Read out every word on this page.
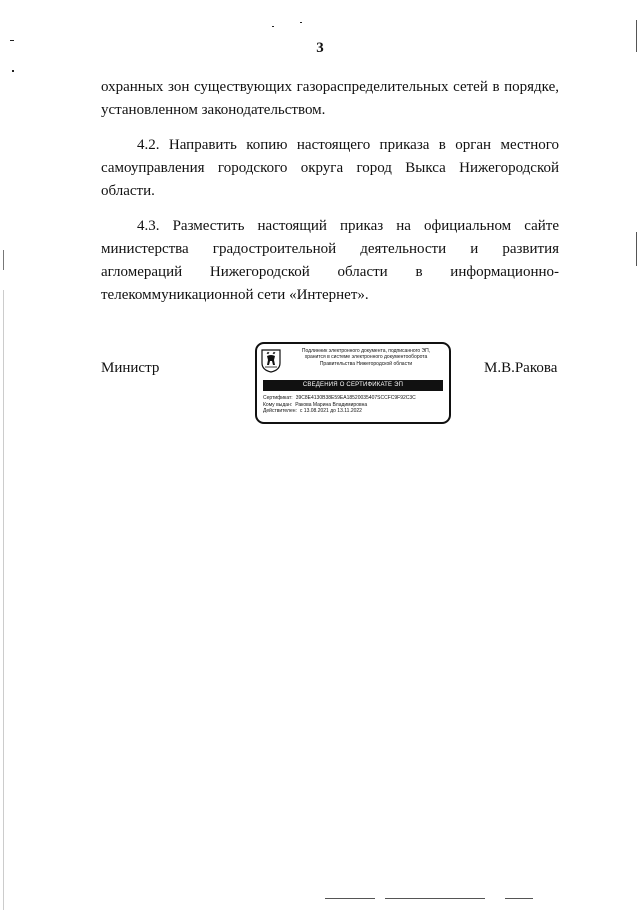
3

охранных зон существующих газораспределительных сетей в порядке, установленном законодательством.

4.2. Направить копию настоящего приказа в орган местного самоуправления городского округа город Выкса Нижегородской области.

4.3. Разместить настоящий приказ на официальном сайте министерства градостроительной деятельности и развития агломераций Нижегородской области в информационно-телекоммуникационной сети «Интернет».

Министр
Подлинник электронного документа, подписанного ЭП,
хранится в системе электронного документооборота
Правительства Нижегородской области
СВЕДЕНИЯ О СЕРТИФИКАТЕ ЭП
Сертификат: 39C8E4130B38E59EA18520035407SCCFC9F92C3C
Кому выдан: Ракова Марина Владимировна
Действителен: с 13.08.2021 до 13.11.2022
М.В.Ракова
